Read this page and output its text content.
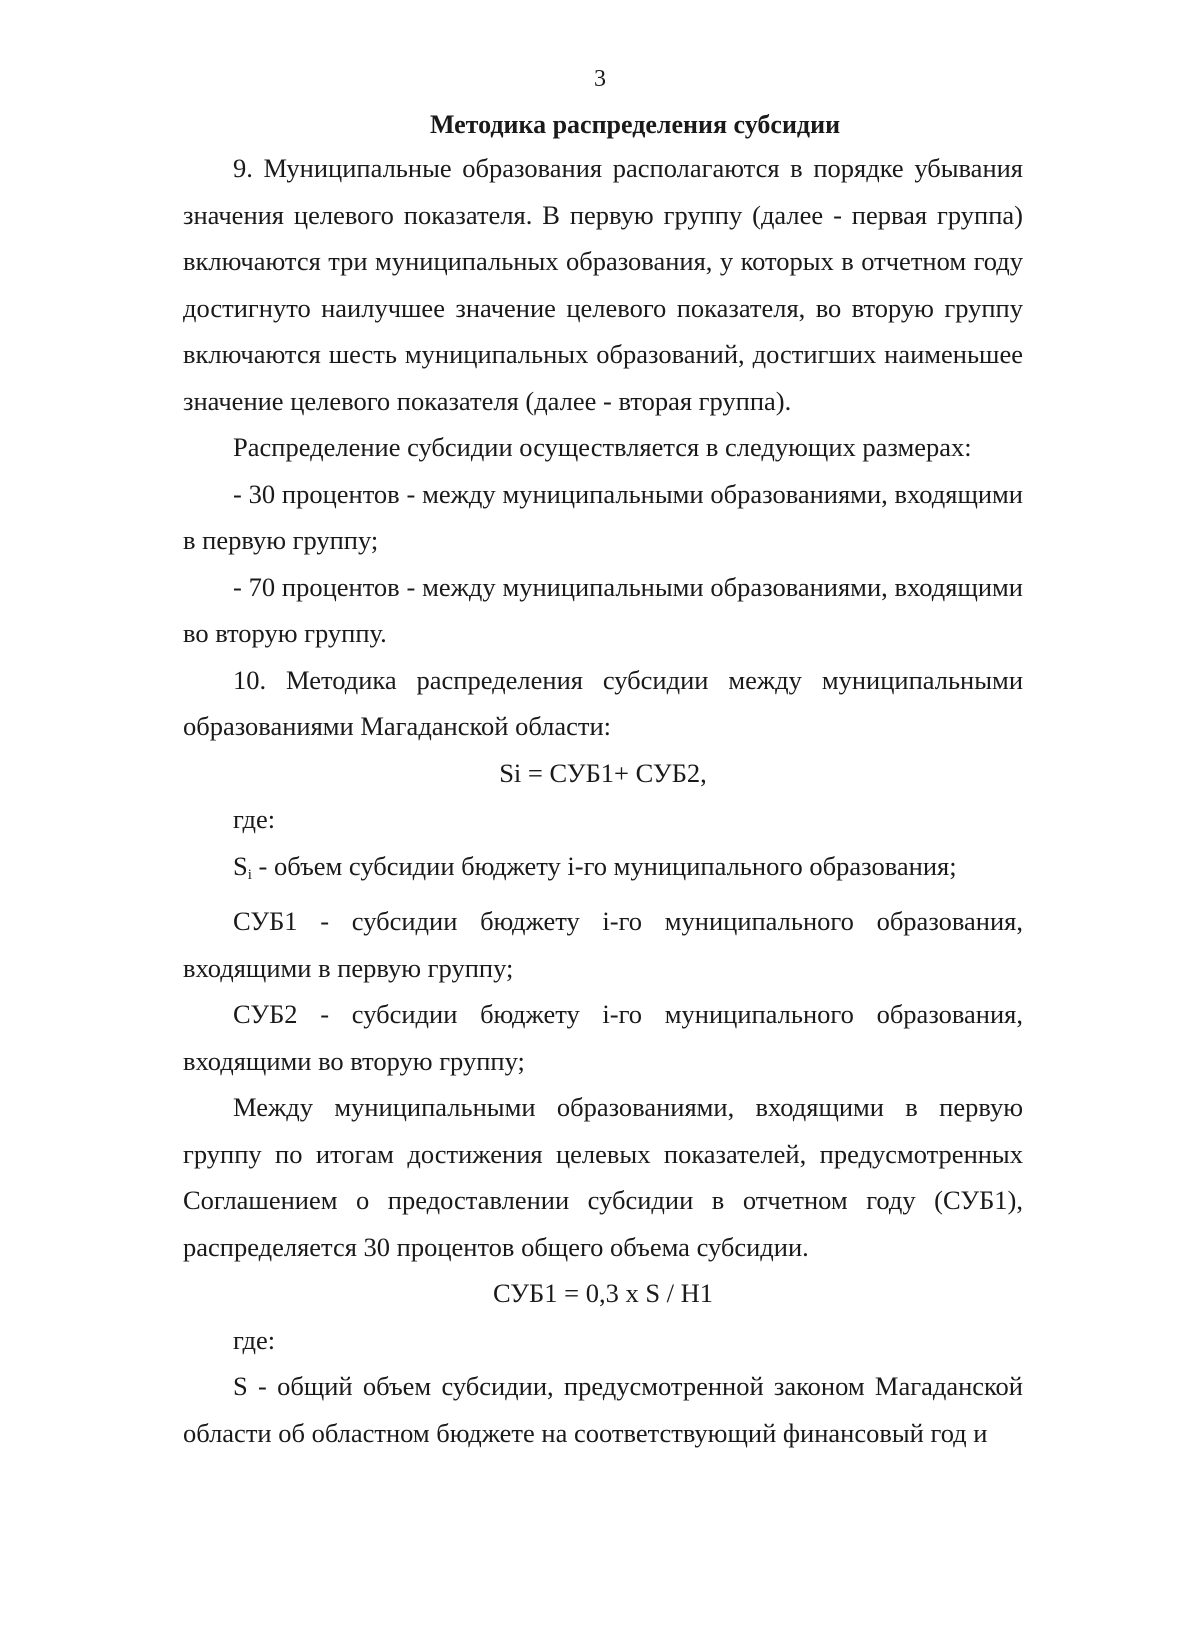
3
Методика распределения субсидии

9. Муниципальные образования располагаются в порядке убывания значения целевого показателя. В первую группу (далее - первая группа) включаются три муниципальных образования, у которых в отчетном году достигнуто наилучшее значение целевого показателя, во вторую группу включаются шесть муниципальных образований, достигших наименьшее значение целевого показателя (далее - вторая группа).

Распределение субсидии осуществляется в следующих размерах:

- 30 процентов - между муниципальными образованиями, входящими в первую группу;

- 70 процентов - между муниципальными образованиями, входящими во вторую группу.

10. Методика распределения субсидии между муниципальными образованиями Магаданской области:

Si = СУБ1+ СУБ2,

где:

$S_i$ - объем субсидии бюджету i-го муниципального образования;

СУБ1 - субсидии бюджету i-го муниципального образования, входящими в первую группу;

СУБ2 - субсидии бюджету i-го муниципального образования, входящими во вторую группу;

Между муниципальными образованиями, входящими в первую группу по итогам достижения целевых показателей, предусмотренных Соглашением о предоставлении субсидии в отчетном году (СУБ1), распределяется 30 процентов общего объема субсидии.

СУБ1 = 0,3 x S / Н1

где:

S - общий объем субсидии, предусмотренной законом Магаданской области об областном бюджете на соответствующий финансовый год и
